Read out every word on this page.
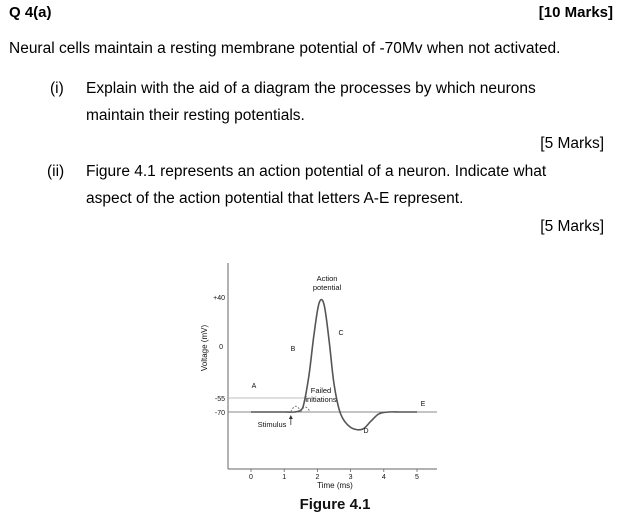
Q 4(a)	[10 Marks]
Neural cells maintain a resting membrane potential of -70Mv when not activated.
(i) Explain with the aid of a diagram the processes by which neurons
maintain their resting potentials.
[5 Marks]
(ii) Figure 4.1 represents an action potential of a neuron. Indicate what
aspect of the action potential that letters A-E represent.
[5 Marks]
0	1	2	3	4	5
+40
0
-55
-70
Action
potential
Failed
initiations
Stimulus
A
B
C
D
E
Voltage (mV)
Time (ms)
Figure 4.1
